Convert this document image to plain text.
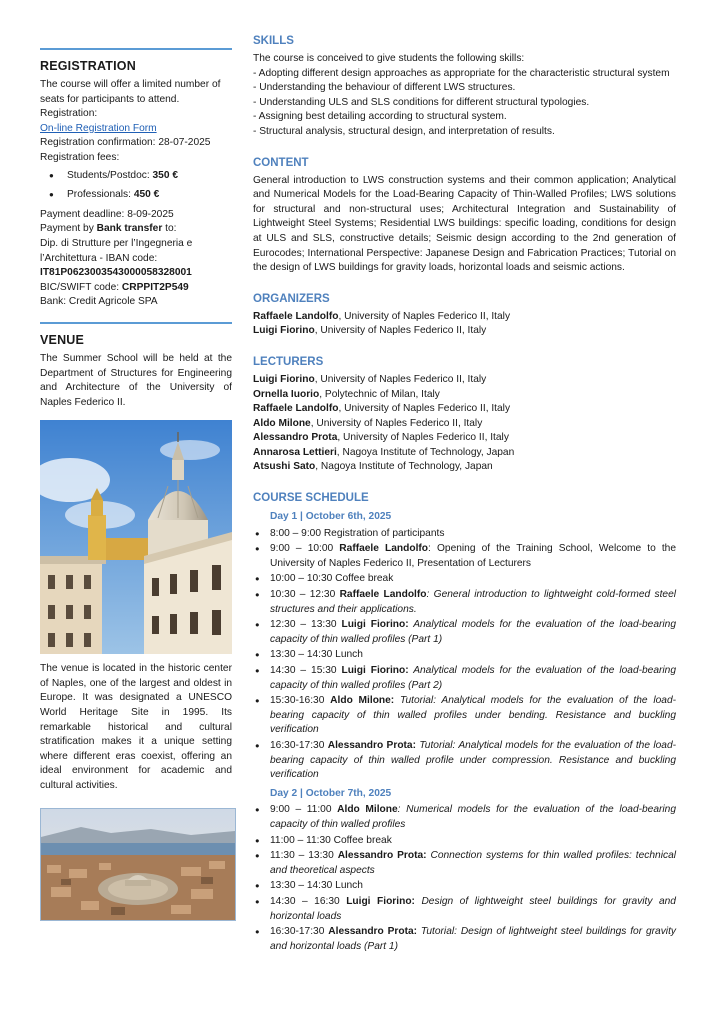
REGISTRATION

The course will offer a limited number of seats for participants to attend.

Registration:

On-line Registration Form

Registration confirmation: 28-07-2025

Registration fees:

● Students/Postdoc: 350 €
● Professionals: 450 €

Payment deadline: 8-09-2025

Payment by Bank transfer to:

Dip. di Strutture per l’Ingegneria e l’Architettura - IBAN code:

IT81P0623003543000058328001

BIC/SWIFT code: CRPPIT2P549

Bank: Credit Agricole SPA

VENUE

The Summer School will be held at the Department of Structures for Engineering and Architecture of the University of Naples Federico II.

The venue is located in the historic center of Naples, one of the largest and oldest in Europe. It was designated a UNESCO World Heritage Site in 1995. Its remarkable historical and cultural stratification makes it a unique setting where different eras coexist, offering an ideal environment for academic and cultural activities.

SKILLS

The course is conceived to give students the following skills:

- Adopting different design approaches as appropriate for the characteristic structural system

- Understanding the behaviour of different LWS structures.

- Understanding ULS and SLS conditions for different structural typologies.

- Assigning best detailing according to structural system.

- Structural analysis, structural design, and interpretation of results.

CONTENT

General introduction to LWS construction systems and their common application; Analytical and Numerical Models for the Load-Bearing Capacity of Thin-Walled Profiles; LWS solutions for structural and non-structural uses; Architectural Integration and Sustainability of Lightweight Steel Systems; Residential LWS buildings: specific loading, conditions for design at ULS and SLS, constructive details; Seismic design according to the 2nd generation of Eurocodes; International Perspective: Japanese Design and Fabrication Practices; Tutorial on the design of LWS buildings for gravity loads, horizontal loads and seismic actions.

ORGANIZERS

Raffaele Landolfo, University of Naples Federico II, Italy

Luigi Fiorino, University of Naples Federico II, Italy

LECTURERS

Luigi Fiorino, University of Naples Federico II, Italy

Ornella Iuorio, Polytechnic of Milan, Italy

Raffaele Landolfo, University of Naples Federico II, Italy

Aldo Milone, University of Naples Federico II, Italy

Alessandro Prota, University of Naples Federico II, Italy

Annarosa Lettieri, Nagoya Institute of Technology, Japan

Atsushi Sato, Nagoya Institute of Technology, Japan

COURSE SCHEDULE
Day 1 | October 6th, 2025
● 8:00 – 9:00 Registration of participants
● 9:00 – 10:00 Raffaele Landolfo: Opening of the Training School, Welcome to the University of Naples Federico II, Presentation of Lecturers
● 10:00 – 10:30 Coffee break
● 10:30 – 12:30 Raffaele Landolfo: General introduction to lightweight cold-formed steel structures and their applications.
● 12:30 – 13:30 Luigi Fiorino: Analytical models for the evaluation of the load-bearing capacity of thin walled profiles (Part 1)
● 13:30 – 14:30 Lunch
● 14:30 – 15:30 Luigi Fiorino: Analytical models for the evaluation of the load-bearing capacity of thin walled profiles (Part 2)
● 15:30-16:30 Aldo Milone: Tutorial: Analytical models for the evaluation of the load-bearing capacity of thin walled profiles under bending. Resistance and buckling verification
● 16:30-17:30 Alessandro Prota: Tutorial: Analytical models for the evaluation of the load-bearing capacity of thin walled profile under compression. Resistance and buckling verification
Day 2 | October 7th, 2025
● 9:00 – 11:00 Aldo Milone: Numerical models for the evaluation of the load-bearing capacity of thin walled profiles
● 11:00 – 11:30 Coffee break
● 11:30 – 13:30 Alessandro Prota: Connection systems for thin walled profiles: technical and theoretical aspects
● 13:30 – 14:30 Lunch
● 14:30 – 16:30 Luigi Fiorino: Design of lightweight steel buildings for gravity and horizontal loads
● 16:30-17:30 Alessandro Prota: Tutorial: Design of lightweight steel buildings for gravity and horizontal loads (Part 1)
